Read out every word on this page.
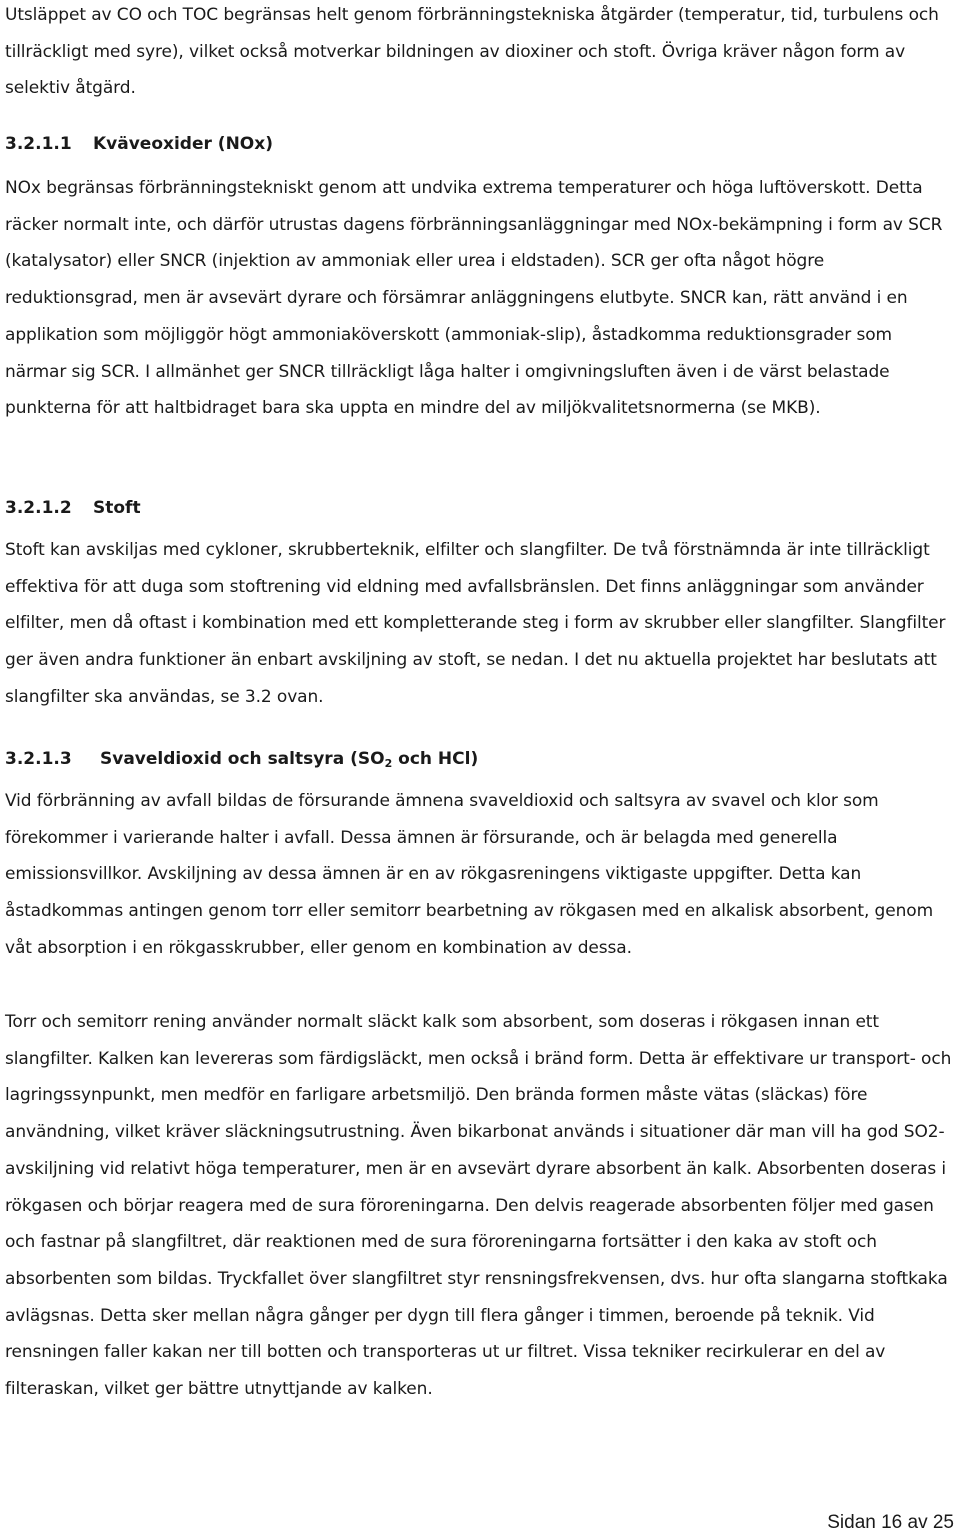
Utsläppet av CO och TOC begränsas helt genom förbränningstekniska åtgärder (temperatur, tid, turbulens och tillräckligt med syre), vilket också motverkar bildningen av dioxiner och stoft. Övriga kräver någon form av selektiv åtgärd.

3.2.1.1 Kväveoxider (NOx)

NOx begränsas förbränningstekniskt genom att undvika extrema temperaturer och höga luftöverskott. Detta räcker normalt inte, och därför utrustas dagens förbränningsanläggningar med NOx-bekämpning i form av SCR (katalysator) eller SNCR (injektion av ammoniak eller urea i eldstaden). SCR ger ofta något högre reduktionsgrad, men är avsevärt dyrare och försämrar anläggningens elutbyte. SNCR kan, rätt använd i en applikation som möjliggör högt ammoniaköverskott (ammoniak-slip), åstadkomma reduktionsgrader som närmar sig SCR. I allmänhet ger SNCR tillräckligt låga halter i omgivningsluften även i de värst belastade punkterna för att haltbidraget bara ska uppta en mindre del av miljökvalitetsnormerna (se MKB).

3.2.1.2 Stoft

Stoft kan avskiljas med cykloner, skrubberteknik, elfilter och slangfilter. De två förstnämnda är inte tillräckligt effektiva för att duga som stoftrening vid eldning med avfallsbränslen. Det finns anläggningar som använder elfilter, men då oftast i kombination med ett kompletterande steg i form av skrubber eller slangfilter. Slangfilter ger även andra funktioner än enbart avskiljning av stoft, se nedan. I det nu aktuella projektet har beslutats att slangfilter ska användas, se 3.2 ovan.

3.2.1.3 Svaveldioxid och saltsyra ($SO_2$ och HCl)

Vid förbränning av avfall bildas de försurande ämnena svaveldioxid och saltsyra av svavel och klor som förekommer i varierande halter i avfall. Dessa ämnen är försurande, och är belagda med generella emissionsvillkor. Avskiljning av dessa ämnen är en av rökgasreningens viktigaste uppgifter. Detta kan åstadkommas antingen genom torr eller semitorr bearbetning av rökgasen med en alkalisk absorbent, genom våt absorption i en rökgasskrubber, eller genom en kombination av dessa.

Torr och semitorr rening använder normalt släckt kalk som absorbent, som doseras i rökgasen innan ett slangfilter. Kalken kan levereras som färdigsläckt, men också i bränd form. Detta är effektivare ur transport- och lagringssynpunkt, men medför en farligare arbetsmiljö. Den brända formen måste vätas (släckas) före användning, vilket kräver släckningsutrustning. Även bikarbonat används i situationer där man vill ha god SO2-avskiljning vid relativt höga temperaturer, men är en avsevärt dyrare absorbent än kalk. Absorbenten doseras i rökgasen och börjar reagera med de sura föroreningarna. Den delvis reagerade absorbenten följer med gasen och fastnar på slangfiltret, där reaktionen med de sura föroreningarna fortsätter i den kaka av stoft och absorbenten som bildas. Tryckfallet över slangfiltret styr rensningsfrekvensen, dvs. hur ofta slangarna stoftkaka avlägsnas. Detta sker mellan några gånger per dygn till flera gånger i timmen, beroende på teknik. Vid rensningen faller kakan ner till botten och transporteras ut ur filtret. Vissa tekniker recirkulerar en del av filteraskan, vilket ger bättre utnyttjande av kalken.

Sidan 16 av 25
